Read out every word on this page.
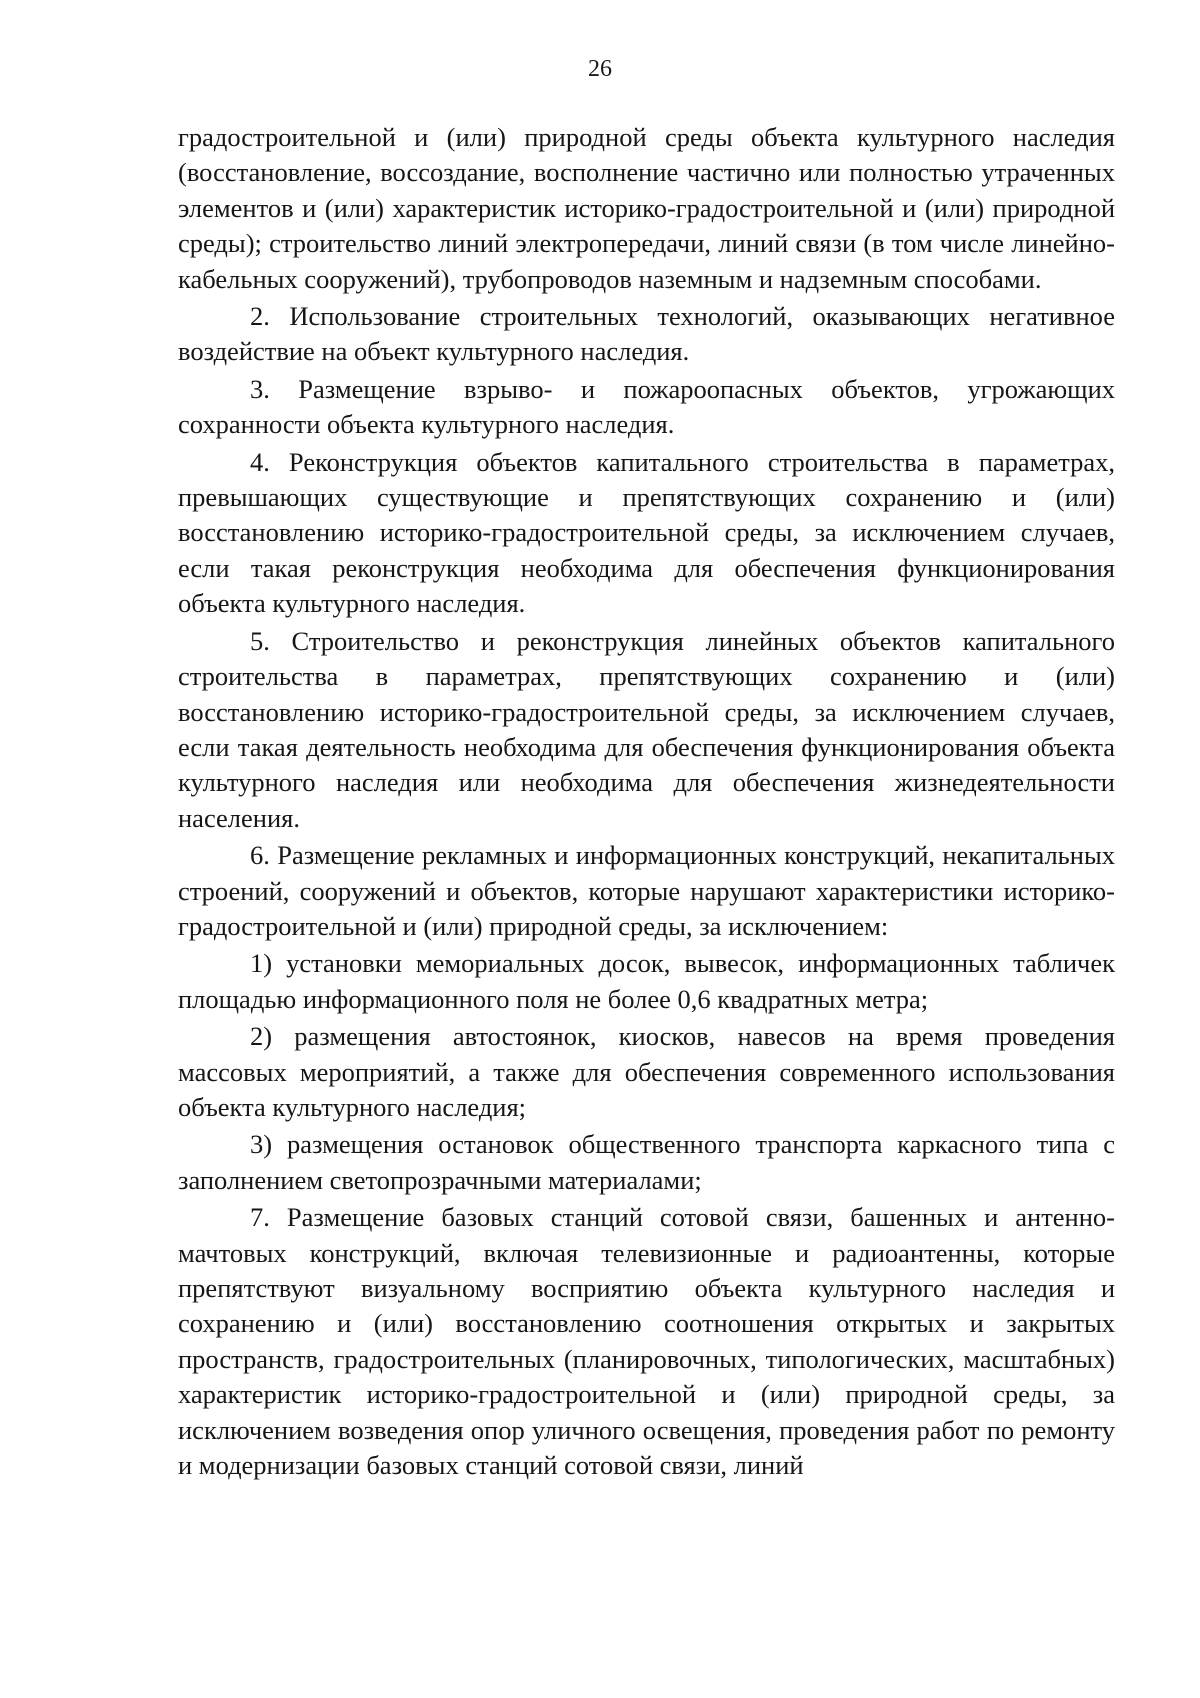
26

градостроительной и (или) природной среды объекта культурного наследия (восстановление, воссоздание, восполнение частично или полностью утраченных элементов и (или) характеристик историко-градостроительной и (или) природной среды); строительство линий электропередачи, линий связи (в том числе линейно-кабельных сооружений), трубопроводов наземным и надземным способами.

2. Использование строительных технологий, оказывающих негативное воздействие на объект культурного наследия.

3. Размещение взрыво- и пожароопасных объектов, угрожающих сохранности объекта культурного наследия.

4. Реконструкция объектов капитального строительства в параметрах, превышающих существующие и препятствующих сохранению и (или) восстановлению историко-градостроительной среды, за исключением случаев, если такая реконструкция необходима для обеспечения функционирования объекта культурного наследия.

5. Строительство и реконструкция линейных объектов капитального строительства в параметрах, препятствующих сохранению и (или) восстановлению историко-градостроительной среды, за исключением случаев, если такая деятельность необходима для обеспечения функционирования объекта культурного наследия или необходима для обеспечения жизнедеятельности населения.

6. Размещение рекламных и информационных конструкций, некапитальных строений, сооружений и объектов, которые нарушают характеристики историко-градостроительной и (или) природной среды, за исключением:

1) установки мемориальных досок, вывесок, информационных табличек площадью информационного поля не более 0,6 квадратных метра;

2) размещения автостоянок, киосков, навесов на время проведения массовых мероприятий, а также для обеспечения современного использования объекта культурного наследия;

3) размещения остановок общественного транспорта каркасного типа с заполнением светопрозрачными материалами;

7. Размещение базовых станций сотовой связи, башенных и антенно-мачтовых конструкций, включая телевизионные и радиоантенны, которые препятствуют визуальному восприятию объекта культурного наследия и сохранению и (или) восстановлению соотношения открытых и закрытых пространств, градостроительных (планировочных, типологических, масштабных) характеристик историко-градостроительной и (или) природной среды, за исключением возведения опор уличного освещения, проведения работ по ремонту и модернизации базовых станций сотовой связи, линий
